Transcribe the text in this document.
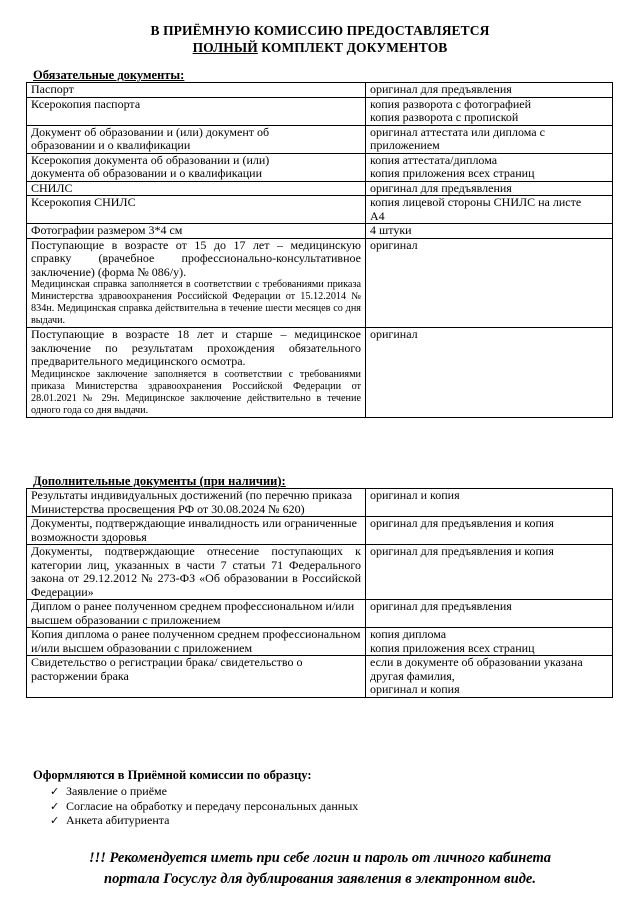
В ПРИЁМНУЮ КОМИССИЮ ПРЕДОСТАВЛЯЕТСЯ
ПОЛНЫЙ КОМПЛЕКТ ДОКУМЕНТОВ
Обязательные документы:
Паспорт	оригинал для предъявления

Ксерокопия паспорта	копия разворота с фотографией
копия разворота с пропиской

Документ об образовании и (или) документ об
образовании и о квалификации	оригинал аттестата или диплома с
приложением

Ксерокопия документа об образовании и (или)
документа об образовании и о квалификации	копия аттестата/диплома
копия приложения всех страниц

СНИЛС	оригинал для предъявления

Ксерокопия СНИЛС	копия лицевой стороны СНИЛС на листе
А4

Фотографии размером 3*4 см	4 штуки

Поступающие в возрасте от 15 до 17 лет – медицинскую справку (врачебное профессионально-консультативное заключение) (форма № 086/у).
Медицинская справка заполняется в соответствии с требованиями приказа Министерства здравоохранения Российской Федерации от 15.12.2014 № 834н. Медицинская справка действительна в течение шести месяцев со дня выдачи.	оригинал

Поступающие в возрасте 18 лет и старше – медицинское заключение по результатам прохождения обязательного предварительного медицинского осмотра.
Медицинское заключение заполняется в соответствии с требованиями приказа Министерства здравоохранения Российской Федерации от 28.01.2021 № 29н. Медицинское заключение действительно в течение одного года со дня выдачи.	оригинал
Дополнительные документы (при наличии):
Результаты индивидуальных достижений (по перечню приказа Министерства просвещения РФ от 30.08.2024 № 620)	оригинал и копия

Документы, подтверждающие инвалидность или ограниченные возможности здоровья	оригинал для предъявления и копия

Документы, подтверждающие отнесение поступающих к категории лиц, указанных в части 7 статьи 71 Федерального закона от 29.12.2012 № 273-ФЗ «Об образовании в Российской Федерации»	оригинал для предъявления и копия

Диплом о ранее полученном среднем профессиональном и/или высшем образовании с приложением	оригинал для предъявления

Копия диплома о ранее полученном среднем профессиональном и/или высшем образовании с приложением	копия диплома
копия приложения всех страниц

Свидетельство о регистрации брака/ свидетельство о расторжении брака	если в документе об образовании указана
другая фамилия,
оригинал и копия
Оформляются в Приёмной комиссии по образцу:
✓ Заявление о приёме
✓ Согласие на обработку и передачу персональных данных
✓ Анкета абитуриента
!!! Рекомендуется иметь при себе логин и пароль от личного кабинета
портала Госуслуг для дублирования заявления в электронном виде.
